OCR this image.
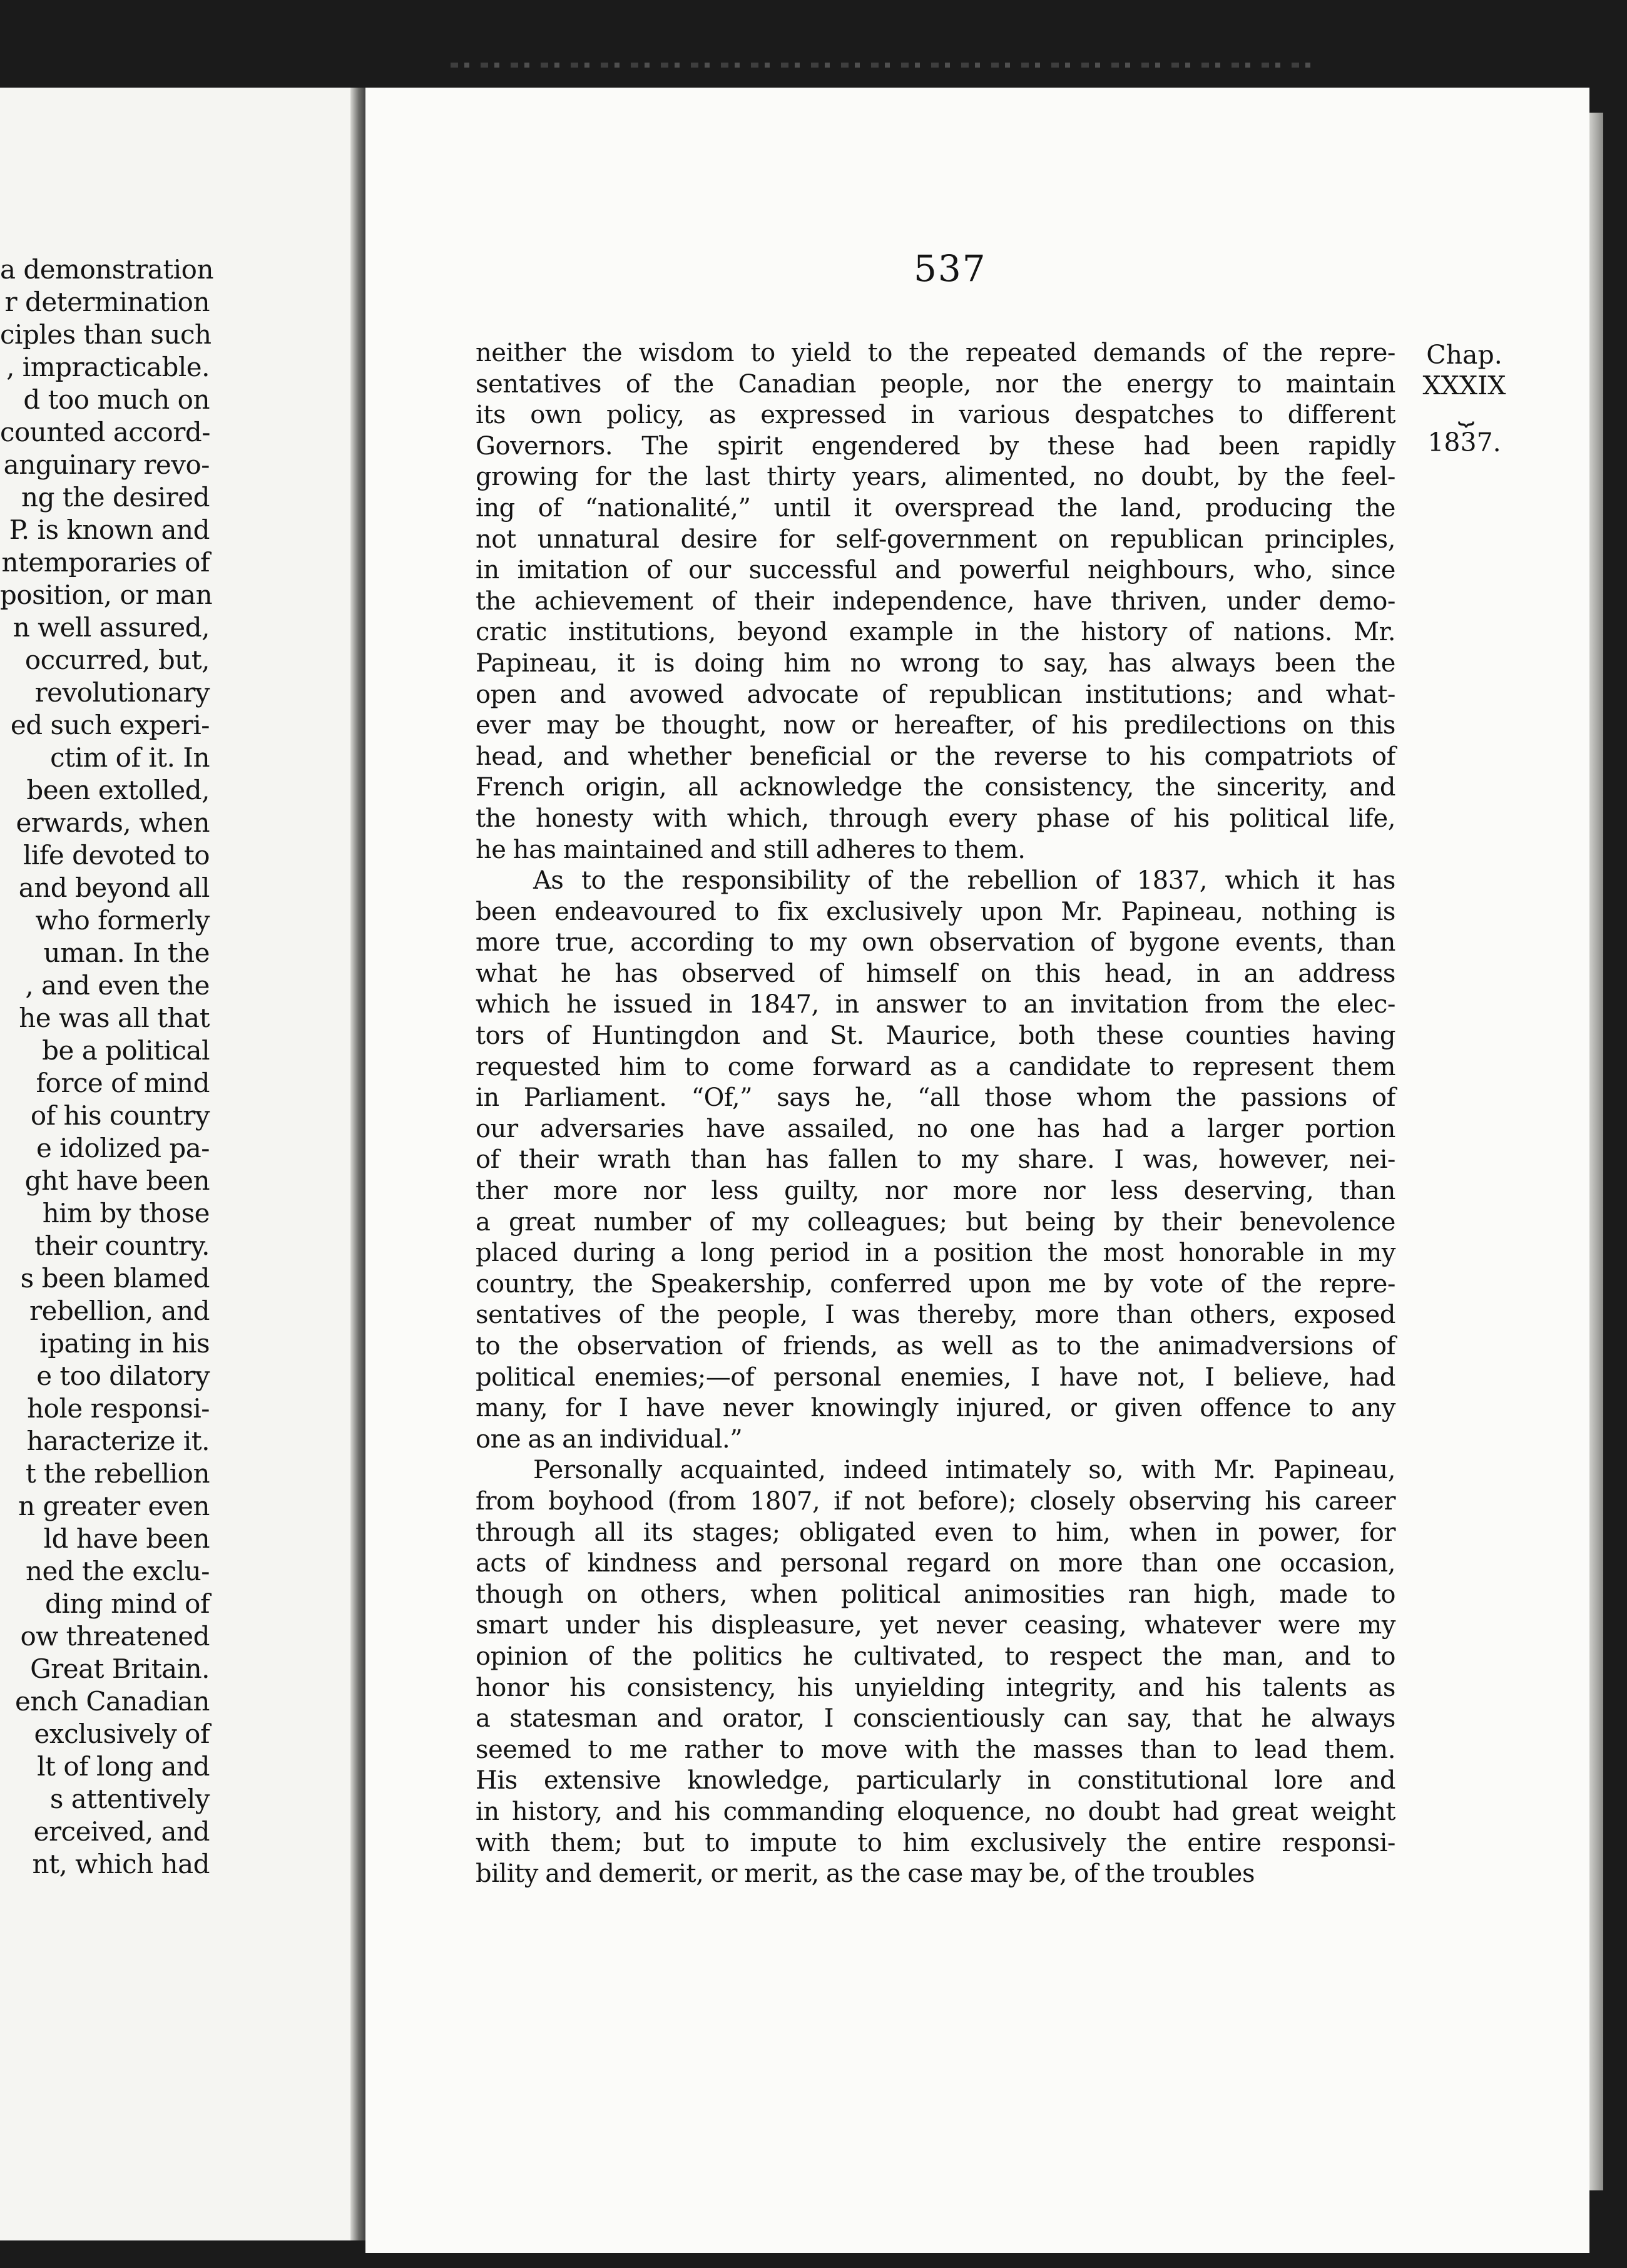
a demonstration
r determination
ciples than such
, impracticable.
d too much on
counted accord-
anguinary revo-
ng the desired
P. is known and
ntemporaries of
position, or man
n well assured,
occurred, but,
revolutionary
ed such experi-
ctim of it. In
been extolled,
erwards, when
life devoted to
and beyond all
who formerly
uman. In the
, and even the
he was all that
be a political
force of mind
of his country
e idolized pa-
ght have been
him by those
their country.
s been blamed
rebellion, and
ipating in his
e too dilatory
hole responsi-
haracterize it.
t the rebellion
n greater even
ld have been
ned the exclu-
ding mind of
ow threatened
Great Britain.
ench Canadian
exclusively of
lt of long and
s attentively
erceived, and
nt, which had
537
neither the wisdom to yield to the repeated demands of the repre-
sentatives of the Canadian people, nor the energy to maintain
its own policy, as expressed in various despatches to different
Governors. The spirit engendered by these had been rapidly
growing for the last thirty years, alimented, no doubt, by the feel-
ing of “nationalité,” until it overspread the land, producing the
not unnatural desire for self-government on republican principles,
in imitation of our successful and powerful neighbours, who, since
the achievement of their independence, have thriven, under demo-
cratic institutions, beyond example in the history of nations. Mr.
Papineau, it is doing him no wrong to say, has always been the
open and avowed advocate of republican institutions; and what-
ever may be thought, now or hereafter, of his predilections on this
head, and whether beneficial or the reverse to his compatriots of
French origin, all acknowledge the consistency, the sincerity, and
the honesty with which, through every phase of his political life,
he has maintained and still adheres to them.
As to the responsibility of the rebellion of 1837, which it has
been endeavoured to fix exclusively upon Mr. Papineau, nothing is
more true, according to my own observation of bygone events, than
what he has observed of himself on this head, in an address
which he issued in 1847, in answer to an invitation from the elec-
tors of Huntingdon and St. Maurice, both these counties having
requested him to come forward as a candidate to represent them
in Parliament. “Of,” says he, “all those whom the passions of
our adversaries have assailed, no one has had a larger portion
of their wrath than has fallen to my share. I was, however, nei-
ther more nor less guilty, nor more nor less deserving, than
a great number of my colleagues; but being by their benevolence
placed during a long period in a position the most honorable in my
country, the Speakership, conferred upon me by vote of the repre-
sentatives of the people, I was thereby, more than others, exposed
to the observation of friends, as well as to the animadversions of
political enemies;—of personal enemies, I have not, I believe, had
many, for I have never knowingly injured, or given offence to any
one as an individual.”
Personally acquainted, indeed intimately so, with Mr. Papineau,
from boyhood (from 1807, if not before); closely observing his career
through all its stages; obligated even to him, when in power, for
acts of kindness and personal regard on more than one occasion,
though on others, when political animosities ran high, made to
smart under his displeasure, yet never ceasing, whatever were my
opinion of the politics he cultivated, to respect the man, and to
honor his consistency, his unyielding integrity, and his talents as
a statesman and orator, I conscientiously can say, that he always
seemed to me rather to move with the masses than to lead them.
His extensive knowledge, particularly in constitutional lore and
in history, and his commanding eloquence, no doubt had great weight
with them; but to impute to him exclusively the entire responsi-
bility and demerit, or merit, as the case may be, of the troubles
Chap.
XXXIX
⏟
1837.
